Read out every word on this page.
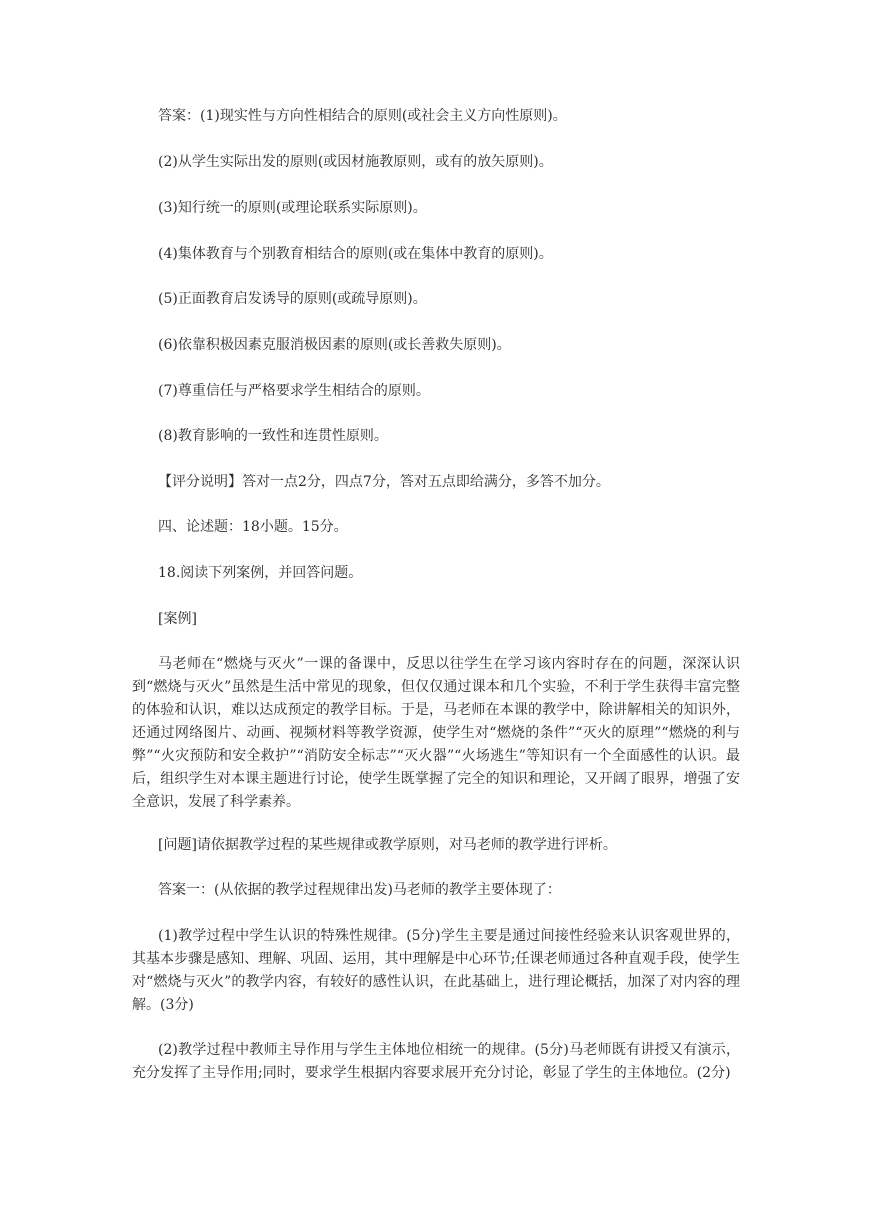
答案：(1)现实性与方向性相结合的原则(或社会主义方向性原则)。
(2)从学生实际出发的原则(或因材施教原则，或有的放矢原则)。
(3)知行统一的原则(或理论联系实际原则)。
(4)集体教育与个别教育相结合的原则(或在集体中教育的原则)。
(5)正面教育启发诱导的原则(或疏导原则)。
(6)依靠积极因素克服消极因素的原则(或长善救失原则)。
(7)尊重信任与严格要求学生相结合的原则。
(8)教育影响的一致性和连贯性原则。
【评分说明】答对一点2分，四点7分，答对五点即给满分，多答不加分。
四、论述题：18小题。15分。
18.阅读下列案例，并回答问题。
[案例]
马老师在“燃烧与灭火”一课的备课中，反思以往学生在学习该内容时存在的问题，深深认识到“燃烧与灭火”虽然是生活中常见的现象，但仅仅通过课本和几个实验，不利于学生获得丰富完整的体验和认识，难以达成预定的教学目标。于是，马老师在本课的教学中，除讲解相关的知识外，还通过网络图片、动画、视频材料等教学资源，使学生对“燃烧的条件”“灭火的原理”“燃烧的利与弊”“火灾预防和安全救护”“消防安全标志”“灭火器”“火场逃生”等知识有一个全面感性的认识。最后，组织学生对本课主题进行讨论，使学生既掌握了完全的知识和理论，又开阔了眼界，增强了安全意识，发展了科学素养。
[问题]请依据教学过程的某些规律或教学原则，对马老师的教学进行评析。
答案一：(从依据的教学过程规律出发)马老师的教学主要体现了：
(1)教学过程中学生认识的特殊性规律。(5分)学生主要是通过间接性经验来认识客观世界的，其基本步骤是感知、理解、巩固、运用，其中理解是中心环节;任课老师通过各种直观手段，使学生对“燃烧与灭火”的教学内容，有较好的感性认识，在此基础上，进行理论概括，加深了对内容的理解。(3分)
(2)教学过程中教师主导作用与学生主体地位相统一的规律。(5分)马老师既有讲授又有演示，充分发挥了主导作用;同时，要求学生根据内容要求展开充分讨论，彰显了学生的主体地位。(2分)
